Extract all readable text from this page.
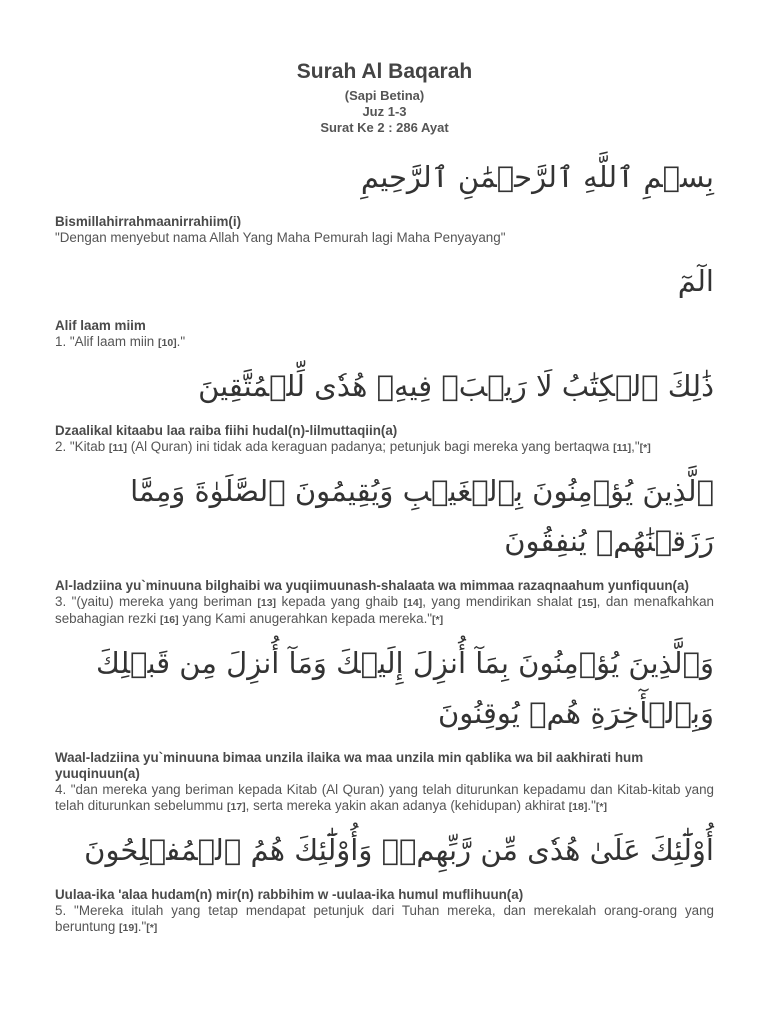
Surah Al Baqarah
(Sapi Betina)
Juz 1-3
Surat Ke 2 : 286 Ayat
بِسۡمِ ٱللَّهِ ٱلرَّحۡمَٰنِ ٱلرَّحِيمِ
Bismillahirrahmaanirrahiim(i)
"Dengan menyebut nama Allah Yang Maha Pemurah lagi Maha Penyayang"
الٓمٓ
Alif laam miim
1. "Alif laam miin [10]."
ذَٰلِكَ ٱلۡكِتَٰبُ لَا رَيۡبَۛ فِيهِۛ هُدٗى لِّلۡمُتَّقِينَ
Dzaalikal kitaabu laa raiba fiihi hudal(n)-lilmuttaqiin(a)
2. "Kitab [11] (Al Quran) ini tidak ada keraguan padanya; petunjuk bagi mereka yang bertaqwa [11],"[*]
ٱلَّذِينَ يُؤۡمِنُونَ بِٱلۡغَيۡبِ وَيُقِيمُونَ ٱلصَّلَوٰةَ وَمِمَّا رَزَقۡنَٰهُمۡ يُنفِقُونَ
Al-ladziina yu`minuuna bilghaibi wa yuqiimuunash-shalaata wa mimmaa razaqnaahum yunfiquun(a)
3. "(yaitu) mereka yang beriman [13] kepada yang ghaib [14], yang mendirikan shalat [15], dan menafkahkan sebahagian rezki [16] yang Kami anugerahkan kepada mereka."[*]
وَٱلَّذِينَ يُؤۡمِنُونَ بِمَآ أُنزِلَ إِلَيۡكَ وَمَآ أُنزِلَ مِن قَبۡلِكَ وَبِٱلۡأٓخِرَةِ هُمۡ يُوقِنُونَ
Waal-ladziina yu`minuuna bimaa unzila ilaika wa maa unzila min qablika wa bil aakhirati hum yuuqinuun(a)
4. "dan mereka yang beriman kepada Kitab (Al Quran) yang telah diturunkan kepadamu dan Kitab-kitab yang telah diturunkan sebelummu [17], serta mereka yakin akan adanya (kehidupan) akhirat [18]."[*]
أُوْلَٰٓئِكَ عَلَىٰ هُدٗى مِّن رَّبِّهِمۡۖ وَأُوْلَٰٓئِكَ هُمُ ٱلۡمُفۡلِحُونَ
Uulaa-ika 'alaa hudam(n) mir(n) rabbihim w -uulaa-ika humul muflihuun(a)
5. "Mereka itulah yang tetap mendapat petunjuk dari Tuhan mereka, dan merekalah orang-orang yang beruntung [19]."[*]
